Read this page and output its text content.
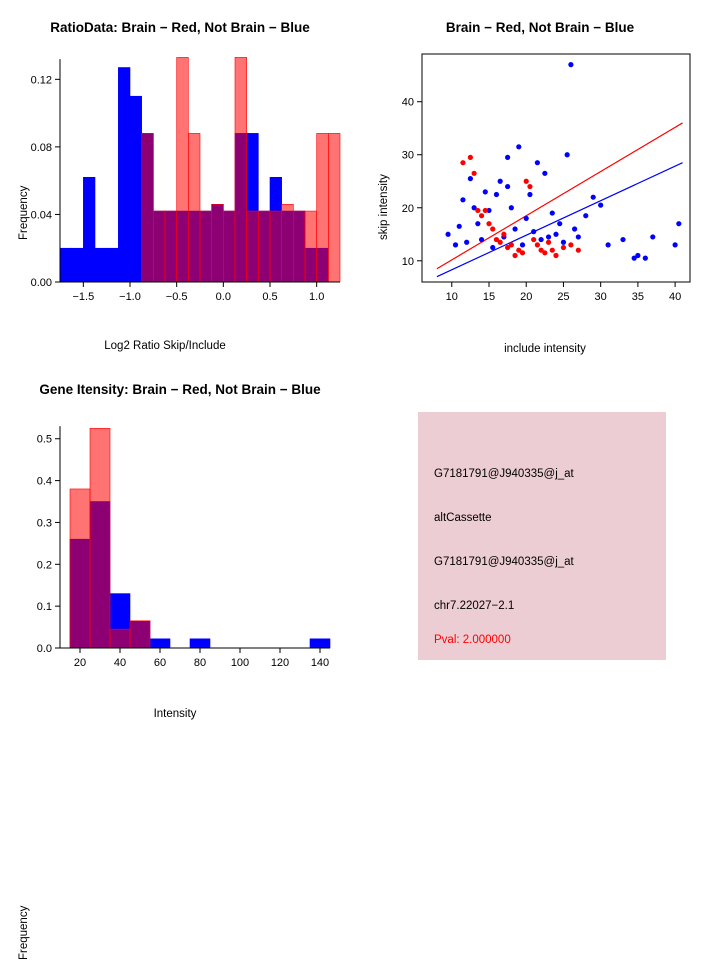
RatioData: Brain − Red, Not Brain − Blue
−1.5 −1.0 −0.5	0.0	0.5	1.0
0.00
0.04
0.08
0.12
Log2 Ratio Skip/Include
Frequency
Brain − Red, Not Brain − Blue
10 15 20 25 30 35 40
10
20
30
40
include intensity
skip intensity
Gene Itensity: Brain − Red, Not Brain − Blue
20	40	60	80 100 120 140
0.0
0.1
0.2
0.3
0.4
0.5
Intensity
Frequency
G7181791@J940335@j_at
altCassette
G7181791@J940335@j_at
chr7.22027−2.1
Pval: 2.000000
